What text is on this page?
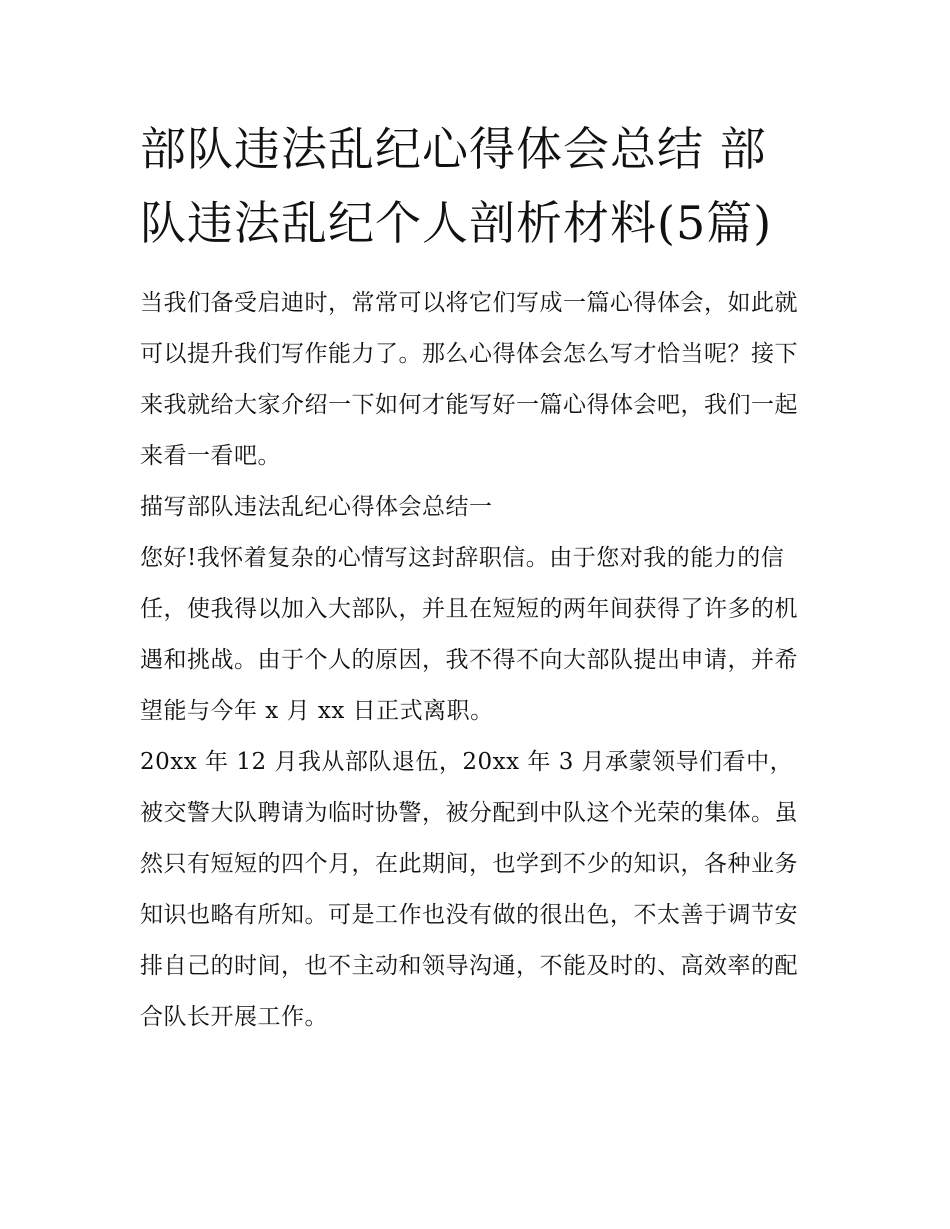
部队违法乱纪心得体会总结 部队违法乱纪个人剖析材料(5篇)

当我们备受启迪时，常常可以将它们写成一篇心得体会，如此就可以提升我们写作能力了。那么心得体会怎么写才恰当呢？接下来我就给大家介绍一下如何才能写好一篇心得体会吧，我们一起来看一看吧。

描写部队违法乱纪心得体会总结一

您好!我怀着复杂的心情写这封辞职信。由于您对我的能力的信任，使我得以加入大部队，并且在短短的两年间获得了许多的机遇和挑战。由于个人的原因，我不得不向大部队提出申请，并希望能与今年 x 月 xx 日正式离职。

20xx 年 12 月我从部队退伍，20xx 年 3 月承蒙领导们看中，被交警大队聘请为临时协警，被分配到中队这个光荣的集体。虽然只有短短的四个月，在此期间，也学到不少的知识，各种业务知识也略有所知。可是工作也没有做的很出色，不太善于调节安排自己的时间，也不主动和领导沟通，不能及时的、高效率的配合队长开展工作。
